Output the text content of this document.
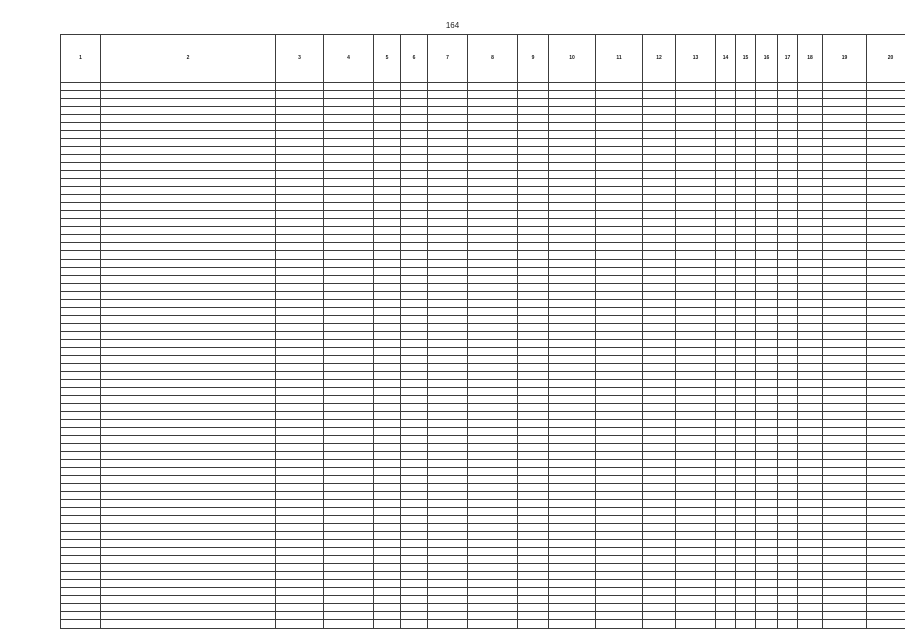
164
1	2	3	4	5	6	7	8	9	10	11	12	13	14	15	16	17	18	19	20
